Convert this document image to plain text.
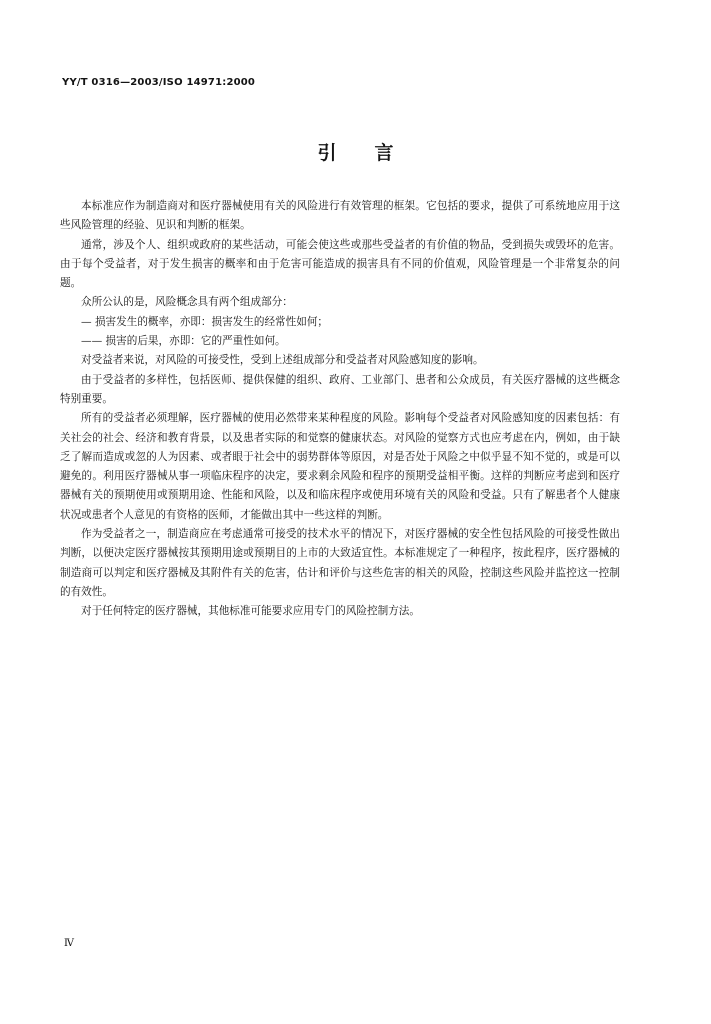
YY/T 0316—2003/ISO 14971:2000
引言

本标准应作为制造商对和医疗器械使用有关的风险进行有效管理的框架。它包括的要求，提供了可系统地应用于这些风险管理的经验、见识和判断的框架。

通常，涉及个人、组织或政府的某些活动，可能会使这些或那些受益者的有价值的物品，受到损失或毁坏的危害。由于每个受益者，对于发生损害的概率和由于危害可能造成的损害具有不同的价值观，风险管理是一个非常复杂的问题。

众所公认的是，风险概念具有两个组成部分：

— 损害发生的概率，亦即：损害发生的经常性如何；

—— 损害的后果，亦即：它的严重性如何。

对受益者来说，对风险的可接受性，受到上述组成部分和受益者对风险感知度的影响。

由于受益者的多样性，包括医师、提供保健的组织、政府、工业部门、患者和公众成员，有关医疗器械的这些概念特别重要。

所有的受益者必须理解，医疗器械的使用必然带来某种程度的风险。影响每个受益者对风险感知度的因素包括：有关社会的社会、经济和教育背景，以及患者实际的和觉察的健康状态。对风险的觉察方式也应考虑在内，例如，由于缺乏了解而造成或忽的人为因素、或者眼于社会中的弱势群体等原因，对是否处于风险之中似乎显不知不觉的，或是可以避免的。利用医疗器械从事一项临床程序的决定，要求剩余风险和程序的预期受益相平衡。这样的判断应考虑到和医疗器械有关的预期使用或预期用途、性能和风险，以及和临床程序或使用环境有关的风险和受益。只有了解患者个人健康状况或患者个人意见的有资格的医师，才能做出其中一些这样的判断。

作为受益者之一，制造商应在考虑通常可接受的技术水平的情况下，对医疗器械的安全性包括风险的可接受性做出判断，以便决定医疗器械按其预期用途或预期目的上市的大致适宜性。本标准规定了一种程序，按此程序，医疗器械的制造商可以判定和医疗器械及其附件有关的危害，估计和评价与这些危害的相关的风险，控制这些风险并监控这一控制的有效性。

对于任何特定的医疗器械，其他标准可能要求应用专门的风险控制方法。

Ⅳ
